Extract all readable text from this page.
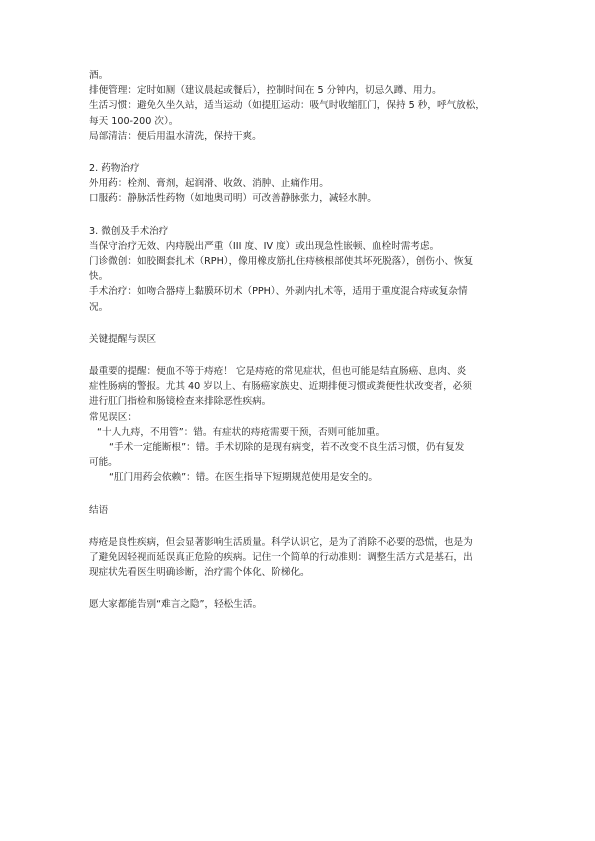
酒。
排便管理：定时如厕（建议晨起或餐后），控制时间在 5 分钟内，切忌久蹲、用力。
生活习惯：避免久坐久站，适当运动（如提肛运动：吸气时收缩肛门，保持 5 秒，呼气放松，
每天 100-200 次）。
局部清洁：便后用温水清洗，保持干爽。
2. 药物治疗
外用药：栓剂、膏剂，起润滑、收敛、消肿、止痛作用。
口服药：静脉活性药物（如地奥司明）可改善静脉张力，减轻水肿。
3. 微创及手术治疗
当保守治疗无效、内痔脱出严重（III 度、IV 度）或出现急性嵌顿、血栓时需考虑。
门诊微创：如胶圈套扎术（RPH），像用橡皮筋扎住痔核根部使其坏死脱落），创伤小、恢复
快。
手术治疗：如吻合器痔上黏膜环切术（PPH）、外剥内扎术等，适用于重度混合痔或复杂情
况。
关键提醒与误区
最重要的提醒：便血不等于痔疮！ 它是痔疮的常见症状，但也可能是结直肠癌、息肉、炎
症性肠病的警报。尤其 40 岁以上、有肠癌家族史、近期排便习惯或粪便性状改变者，必须
进行肛门指检和肠镜检查来排除恶性疾病。
常见误区：
“十人九痔，不用管”：错。有症状的痔疮需要干预，否则可能加重。
“手术一定能断根”：错。手术切除的是现有病变，若不改变不良生活习惯，仍有复发
可能。
“肛门用药会依赖”：错。在医生指导下短期规范使用是安全的。
结语
痔疮是良性疾病，但会显著影响生活质量。科学认识它，是为了消除不必要的恐慌，也是为
了避免因轻视而延误真正危险的疾病。记住一个简单的行动准则：调整生活方式是基石，出
现症状先看医生明确诊断，治疗需个体化、阶梯化。
愿大家都能告别“难言之隐”，轻松生活。
